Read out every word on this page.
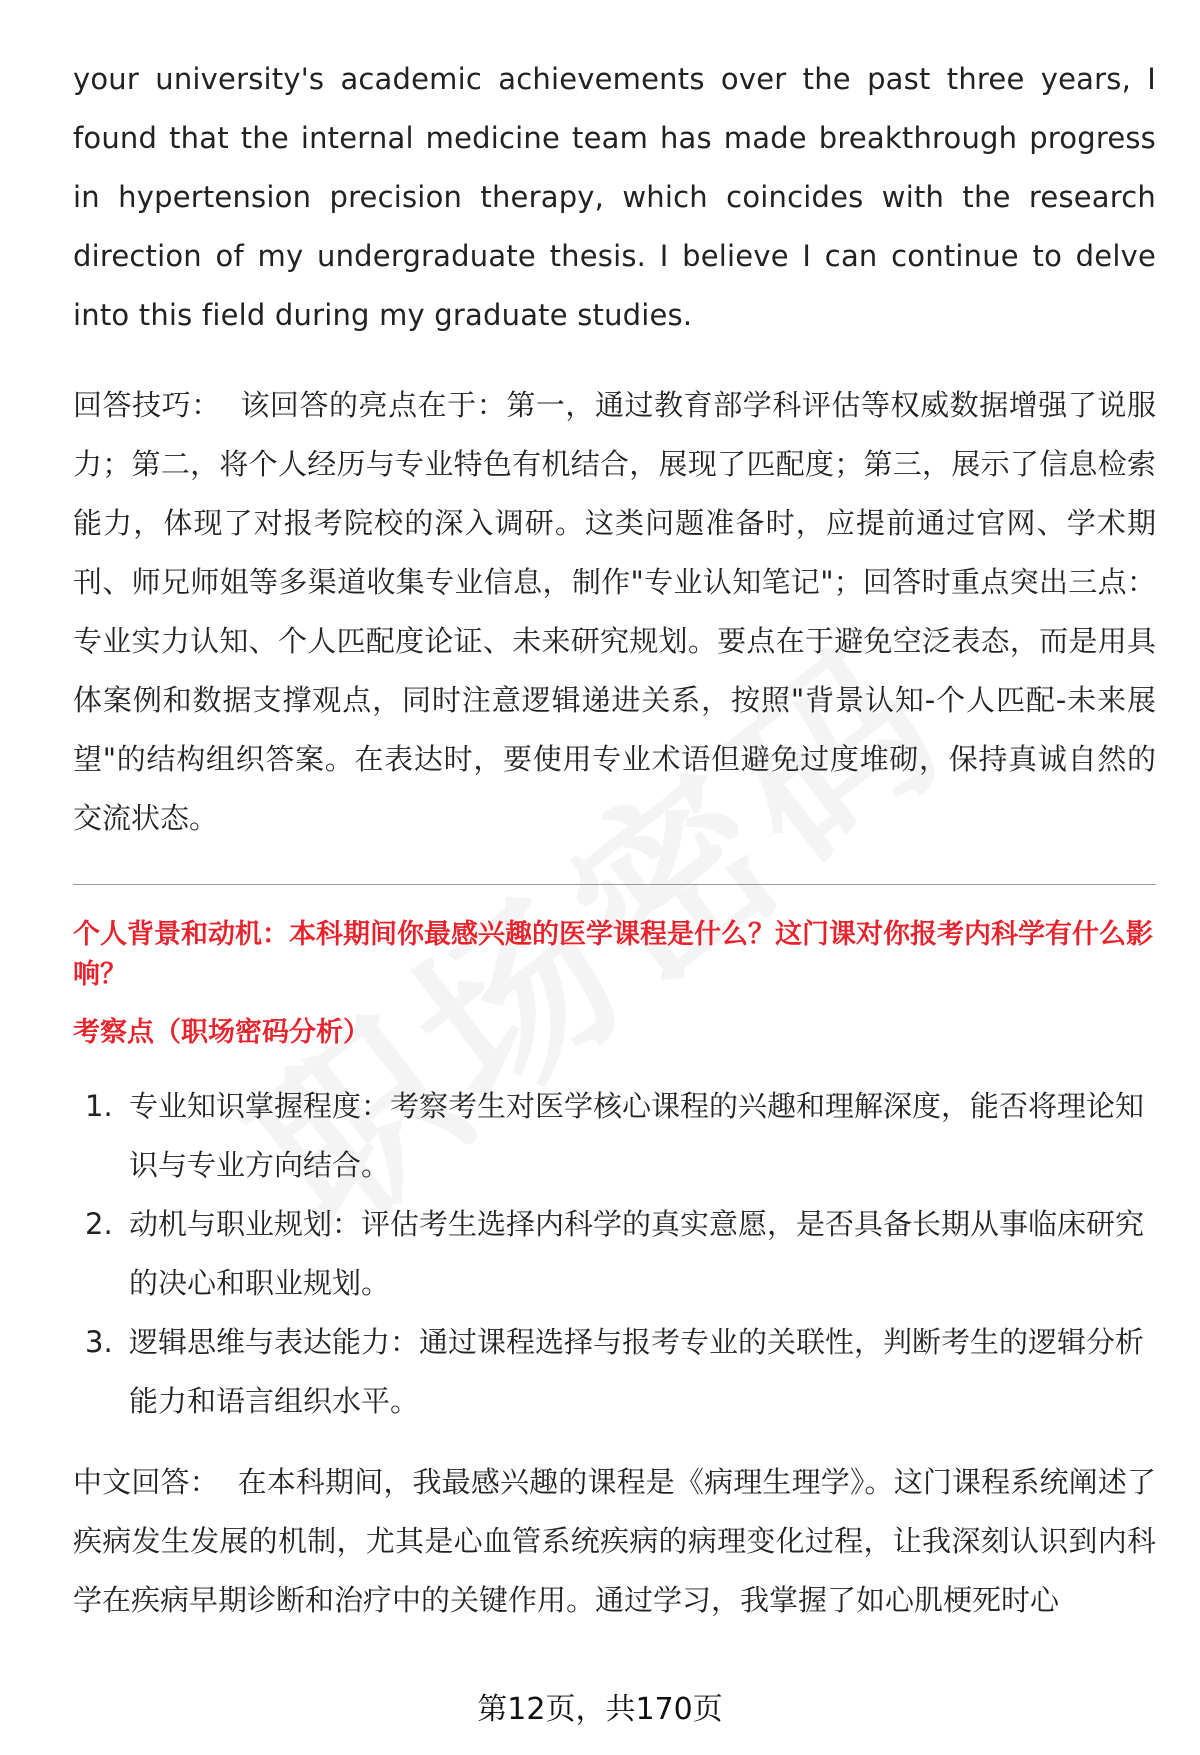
your university's academic achievements over the past three years, I found that the internal medicine team has made breakthrough progress in hypertension precision therapy, which coincides with the research direction of my undergraduate thesis. I believe I can continue to delve into this field during my graduate studies.

回答技巧： 该回答的亮点在于：第一，通过教育部学科评估等权威数据增强了说服力；第二，将个人经历与专业特色有机结合，展现了匹配度；第三，展示了信息检索能力，体现了对报考院校的深入调研。这类问题准备时，应提前通过官网、学术期刊、师兄师姐等多渠道收集专业信息，制作"专业认知笔记"；回答时重点突出三点：专业实力认知、个人匹配度论证、未来研究规划。要点在于避免空泛表态，而是用具体案例和数据支撑观点，同时注意逻辑递进关系，按照"背景认知-个人匹配-未来展望"的结构组织答案。在表达时，要使用专业术语但避免过度堆砌，保持真诚自然的交流状态。

个人背景和动机：本科期间你最感兴趣的医学课程是什么？这门课对你报考内科学有什么影响？

考察点（职场密码分析）

1. 专业知识掌握程度：考察考生对医学核心课程的兴趣和理解深度，能否将理论知识与专业方向结合。
2. 动机与职业规划：评估考生选择内科学的真实意愿，是否具备长期从事临床研究的决心和职业规划。
3. 逻辑思维与表达能力：通过课程选择与报考专业的关联性，判断考生的逻辑分析能力和语言组织水平。

中文回答： 在本科期间，我最感兴趣的课程是《病理生理学》。这门课程系统阐述了疾病发生发展的机制，尤其是心血管系统疾病的病理变化过程，让我深刻认识到内科学在疾病早期诊断和治疗中的关键作用。通过学习，我掌握了如心肌梗死时心

第12页，共170页
